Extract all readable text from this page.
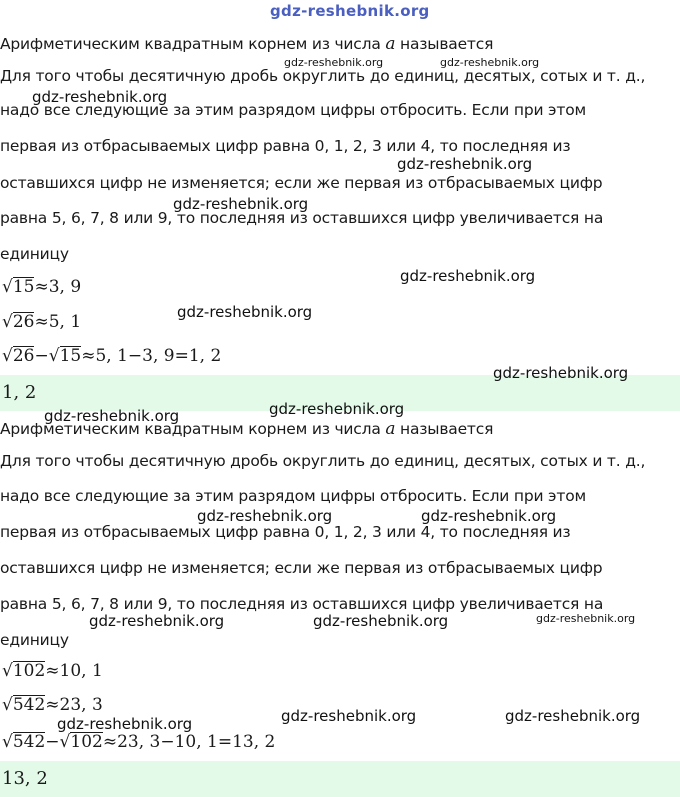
gdz-reshebnik.org
Арифметическим квадратным корнем из числа a называется
Для того чтобы десятичную дробь округлить до единиц, десятых, сотых и т. д.,
надо все следующие за этим разрядом цифры отбросить. Если при этом
первая из отбрасываемых цифр равна 0, 1, 2, 3 или 4, то последняя из
оставшихся цифр не изменяется; если же первая из отбрасываемых цифр
равна 5, 6, 7, 8 или 9, то последняя из оставшихся цифр увеличивается на
единицу
√15≈3, 9
√26≈5, 1
√26−√15≈5, 1−3, 9=1, 2
1, 2
Арифметическим квадратным корнем из числа a называется
Для того чтобы десятичную дробь округлить до единиц, десятых, сотых и т. д.,
надо все следующие за этим разрядом цифры отбросить. Если при этом
первая из отбрасываемых цифр равна 0, 1, 2, 3 или 4, то последняя из
оставшихся цифр не изменяется; если же первая из отбрасываемых цифр
равна 5, 6, 7, 8 или 9, то последняя из оставшихся цифр увеличивается на
единицу
√102≈10, 1
√542≈23, 3
√542−√102≈23, 3−10, 1=13, 2
13, 2
gdz-reshebnik.org	gdz-reshebnik.org
gdz-reshebnik.org
gdz-reshebnik.org
gdz-reshebnik.org
gdz-reshebnik.org
gdz-reshebnik.org
gdz-reshebnik.org
gdz-reshebnik.org
gdz-reshebnik.org
gdz-reshebnik.org	gdz-reshebnik.org
gdz-reshebnik.org	gdz-reshebnik.org	gdz-reshebnik.org
gdz-reshebnik.org	gdz-reshebnik.org
gdz-reshebnik.org
